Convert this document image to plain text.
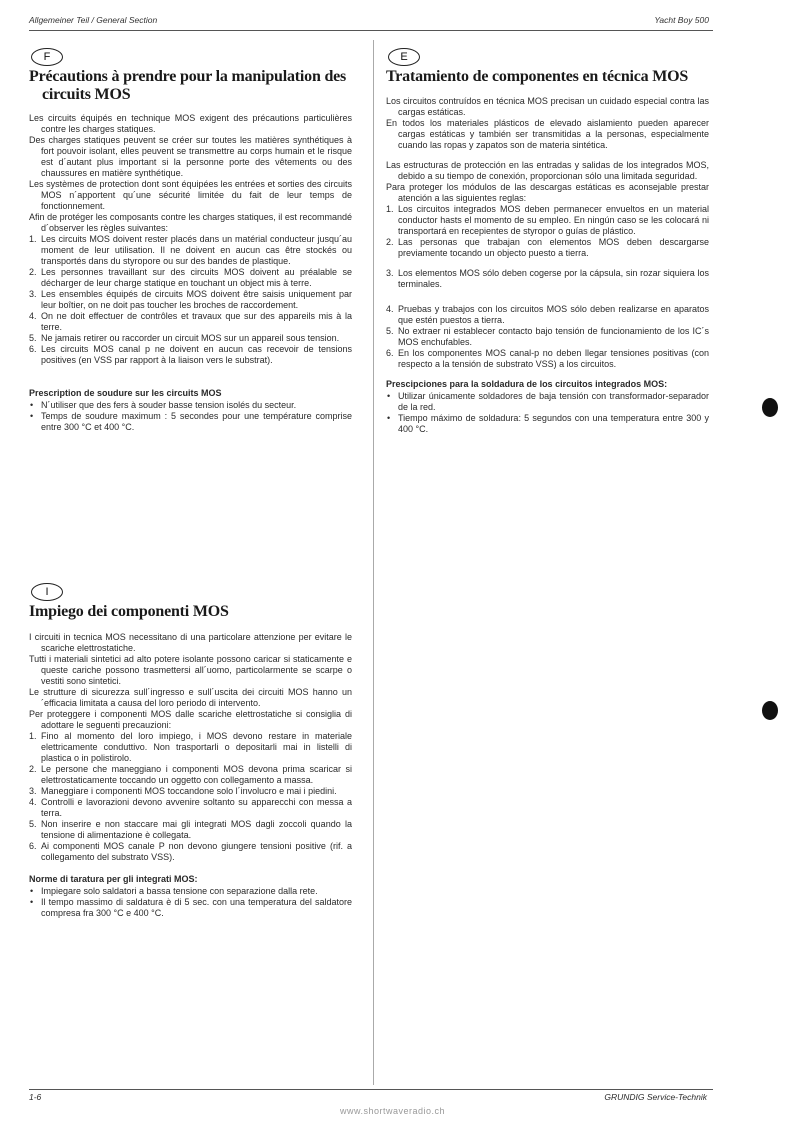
Allgemeiner Teil / General Section	Yacht Boy 500
F
Précautions à prendre pour la manipulation des
circuits MOS

Les circuits équipés en technique MOS exigent des précautions particulières contre les charges statiques.

Des charges statiques peuvent se créer sur toutes les matières synthétiques à fort pouvoir isolant, elles peuvent se transmettre au corps humain et le risque est d´autant plus important si la personne porte des vêtements ou des chaussures en matière synthétique.

Les systèmes de protection dont sont équipées les entrées et sorties des circuits MOS n´apportent qu´une sécurité limitée du fait de leur temps de fonctionnement.

Afin de protéger les composants contre les charges statiques, il est recommandé d´observer les règles suivantes:

1. Les circuits MOS doivent rester placés dans un matérial conducteur jusqu´au moment de leur utilisation. Il ne doivent en aucun cas être stockés ou transportés dans du styropore ou sur des bandes de plastique.
2. Les personnes travaillant sur des circuits MOS doivent au préalable se décharger de leur charge statique en touchant un object mis à terre.
3. Les ensembles équipés de circuits MOS doivent être saisis uniquement par leur boîtier, on ne doit pas toucher les broches de raccordement.
4. On ne doit effectuer de contrôles et travaux que sur des appareils mis à la terre.
5. Ne jamais retirer ou raccorder un circuit MOS sur un appareil sous tension.
6. Les circuits MOS canal p ne doivent en aucun cas recevoir de tensions positives (en VSS par rapport à la liaison vers le substrat).
Prescription de soudure sur les circuits MOS
• N´utiliser que des fers à souder basse tension isolés du secteur.
• Temps de soudure maximum : 5 secondes pour une température comprise entre 300 °C et 400 °C.
E
Tratamiento de componentes en técnica MOS

Los circuitos contruídos en técnica MOS precisan un cuidado especial contra las cargas estáticas.

En todos los materiales plásticos de elevado aislamiento pueden aparecer cargas estáticas y también ser transmitidas a la personas, especialmente cuando las ropas y zapatos son de materia sintética.

Las estructuras de protección en las entradas y salidas de los integrados MOS, debido a su tiempo de conexión, proporcionan sólo una limitada seguridad.

Para proteger los módulos de las descargas estáticas es aconsejable prestar atención a las siguientes reglas:

1. Los circuitos integrados MOS deben permanecer envueltos en un material conductor hasts el momento de su empleo. En ningún caso se les colocará ni transportará en recepientes de styropor o guías de plástico.
2. Las personas que trabajan con elementos MOS deben descargarse previamente tocando un objecto puesto a tierra.
3. Los elementos MOS sólo deben cogerse por la cápsula, sin rozar siquiera los terminales.
4. Pruebas y trabajos con los circuitos MOS sólo deben realizarse en aparatos que estén puestos a tierra.
5. No extraer ni establecer contacto bajo tensión de funcionamiento de los IC´s MOS enchufables.
6. En los componentes MOS canal-p no deben llegar tensiones positivas (con respecto a la tensión de substrato VSS) a los circuitos.
Prescipciones para la soldadura de los circuitos integrados MOS:
• Utilizar únicamente soldadores de baja tensión con transformador-separador de la red.
• Tiempo máximo de soldadura: 5 segundos con una temperatura entre 300 y 400 °C.
I
Impiego dei componenti MOS

I circuiti in tecnica MOS necessitano di una particolare attenzione per evitare le scariche elettrostatiche.

Tutti i materiali sintetici ad alto potere isolante possono caricar si staticamente e queste cariche possono trasmettersi all´uomo, particolarmente se scarpe o vestiti sono sintetici.

Le strutture di sicurezza sull´ingresso e sull´uscita dei circuiti MOS hanno un´efficacia limitata a causa del loro periodo di intervento.

Per proteggere i componenti MOS dalle scariche elettrostatiche si consiglia di adottare le seguenti precauzioni:

1. Fino al momento del loro impiego, i MOS devono restare in materiale elettricamente conduttivo. Non trasportarli o depositarli mai in listelli di plastica o in polistirolo.
2. Le persone che maneggiano i componenti MOS devona prima scaricar si elettrostaticamente toccando un oggetto con collegamento a massa.
3. Maneggiare i componenti MOS toccandone solo l´involucro e mai i piedini.
4. Controlli e lavorazioni devono avvenire soltanto su apparecchi con messa a terra.
5. Non inserire e non staccare mai gli integrati MOS dagli zoccoli quando la tensione di alimentazione è collegata.
6. Ai componenti MOS canale P non devono giungere tensioni positive (rif. a collegamento del substrato VSS).
Norme di taratura per gli integrati MOS:
• Impiegare solo saldatori a bassa tensione con separazione dalla rete.
• Il tempo massimo di saldatura è di 5 sec. con una temperatura del saldatore compresa fra 300 °C e 400 °C.
1-6	GRUNDIG Service-Technik
www.shortwaveradio.ch
